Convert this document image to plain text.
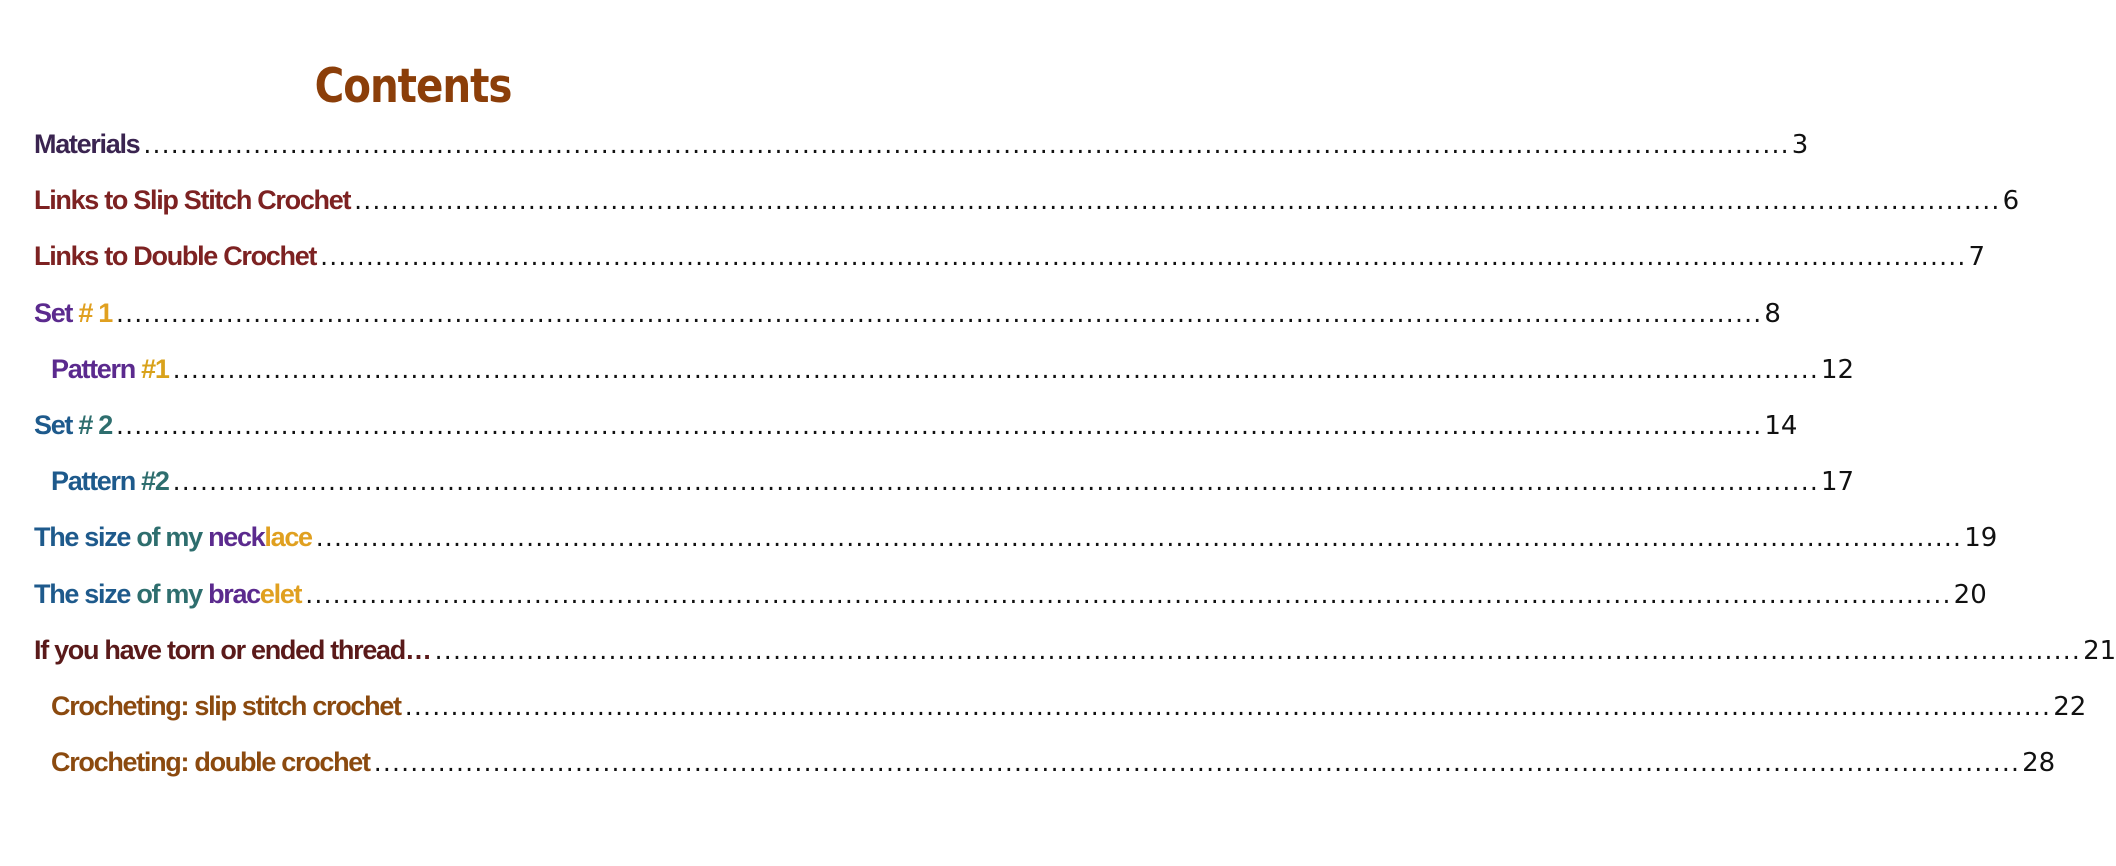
Contents
Materials .................................................................................................................................................................................... 3
Links to Slip Stitch Crochet .................................................................................................................................................................................... 6
Links to Double Crochet .................................................................................................................................................................................... 7
Set # 1 .................................................................................................................................................................................... 8
Pattern #1 .................................................................................................................................................................................... 12
Set # 2 .................................................................................................................................................................................... 14
Pattern #2 .................................................................................................................................................................................... 17
The size of my necklace .................................................................................................................................................................................... 19
The size of my bracelet .................................................................................................................................................................................... 20
If you have torn or ended thread… .................................................................................................................................................................................... 21
Crocheting: slip stitch crochet .................................................................................................................................................................................... 22
Crocheting: double crochet .................................................................................................................................................................................... 28
